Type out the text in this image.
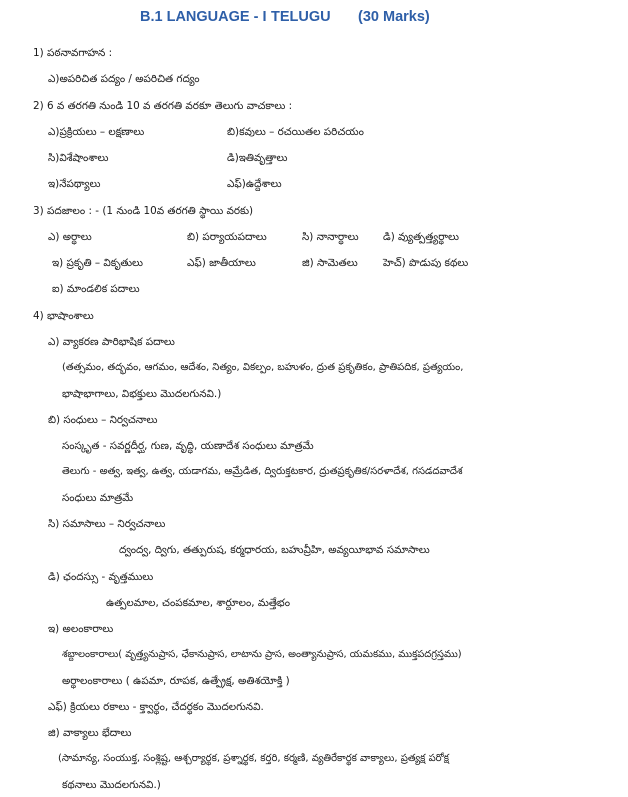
B.1 LANGUAGE - I TELUGU (30 Marks)
1) పఠనావగాహన :
ఎ)అపరిచిత పద్యం / అపరిచిత గద్యం
2) 6 వ తరగతి నుండి 10 వ తరగతి వరకూ తెలుగు వాచకాలు :
ఎ)ప్రక్రియలు – లక్షణాలు	బి)కవులు – రచయితల పరిచయం
సి)విశేషాంశాలు	డి)ఇతివృత్తాలు
ఇ)నేపథ్యాలు	ఎఫ్)ఉద్దేశాలు
3) పదజాలం : - (1 నుండి 10వ తరగతి స్థాయి వరకు)
ఎ) అర్థాలు	బి) పర్యాయపదాలు	సి) నానార్థాలు డి) వ్యుత్పత్త్యర్థాలు
ఇ) ప్రకృతి – వికృతులు	ఎఫ్) జాతీయాలు	జి) సామెతలు హెచ్) పొడుపు కథలు
ఐ) మాండలిక పదాలు
4) భాషాంశాలు
ఎ) వ్యాకరణ పారిభాషిక పదాలు
(తత్సమం, తద్భవం, ఆగమం, ఆదేశం, నిత్యం, వికల్పం, బహుళం, ద్రుత ప్రకృతికం, ప్రాతిపదిక, ప్రత్యయం,
భాషాభాగాలు, విభక్తులు మొదలగునవి.)
బి) సంధులు – నిర్వచనాలు
సంస్కృత - సవర్ణదీర్ఘ, గుణ, వృద్ధి, యణాదేశ సంధులు మాత్రమే
తెలుగు - అత్వ, ఇత్వ, ఉత్వ, యడాగమ, ఆమ్రేడిత, ద్విరుక్తటకార, ద్రుతప్రకృతిక/సరళాదేశ, గసడదవాదేశ
సంధులు మాత్రమే
సి) సమాసాలు – నిర్వచనాలు
ద్వంద్వ, ద్విగు, తత్పురుష, కర్మధారయ, బహువ్రీహి, అవ్యయీభావ సమాసాలు
డి) ఛందస్సు - వృత్తములు
ఉత్పలమాల, చంపకమాల, శార్దూలం, మత్తేభం
ఇ) అలంకారాలు
శబ్దాలంకారాలు( వృత్త్యనుప్రాస, ఛేకానుప్రాస, లాటాను ప్రాస, అంత్యానుప్రాస, యమకము, ముక్తపదగ్రస్తము)
అర్థాలంకారాలు ( ఉపమా, రూపక, ఉత్ప్రేక్ష, అతిశయోక్తి )
ఎఫ్) క్రియలు రకాలు - క్త్వార్థం, చేదర్థకం మొదలగునవి.
జి) వాక్యాలు భేదాలు
(సామాన్య, సంయుక్త, సంశ్లిష్ట, ఆశ్చర్యార్థక, ప్రశ్నార్థక, కర్తరి, కర్మణి, వ్యతిరేకార్థక వాక్యాలు, ప్రత్యక్ష పరోక్ష
కథనాలు మొదలగునవి.)
